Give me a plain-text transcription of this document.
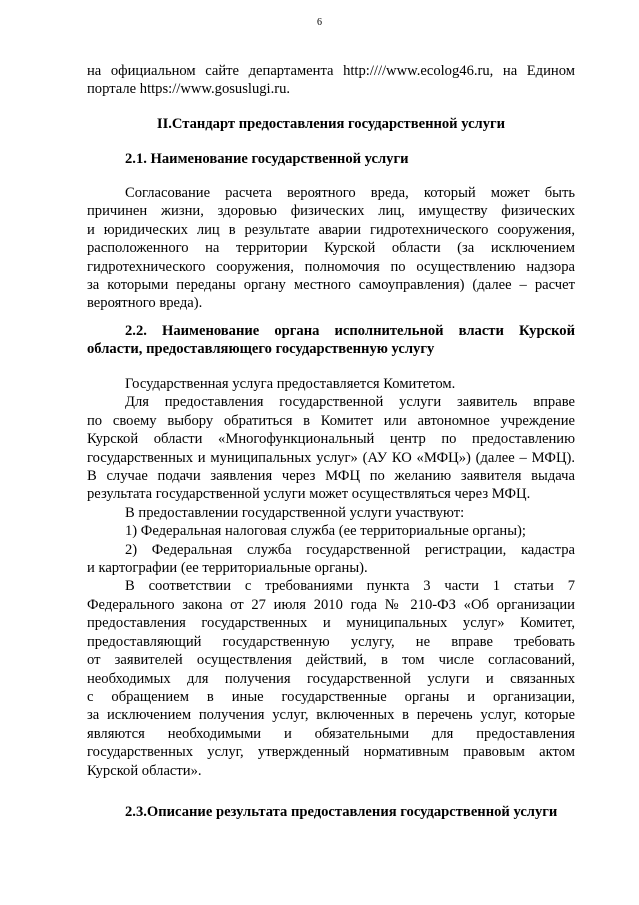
6
на официальном сайте департамента http:////www.ecolog46.ru, на Едином
портале https://www.gosuslugi.ru.
II.Стандарт предоставления государственной услуги
2.1. Наименование государственной услуги
Согласование расчета вероятного вреда, который может быть
причинен жизни, здоровью физических лиц, имуществу физических
и юридических лиц в результате аварии гидротехнического сооружения,
расположенного на территории Курской области (за исключением
гидротехнического сооружения, полномочия по осуществлению надзора
за которыми переданы органу местного самоуправления) (далее – расчет
вероятного вреда).
2.2. Наименование органа исполнительной власти Курской
области, предоставляющего государственную услугу
Государственная услуга предоставляется Комитетом.
Для предоставления государственной услуги заявитель вправе
по своему выбору обратиться в Комитет или автономное учреждение
Курской области «Многофункциональный центр по предоставлению
государственных и муниципальных услуг» (АУ КО «МФЦ») (далее – МФЦ).
В случае подачи заявления через МФЦ по желанию заявителя выдача
результата государственной услуги может осуществляться через МФЦ.
В предоставлении государственной услуги участвуют:
1) Федеральная налоговая служба (ее территориальные органы);
2) Федеральная служба государственной регистрации, кадастра
и картографии (ее территориальные органы).
В соответствии с требованиями пункта 3 части 1 статьи 7
Федерального закона от 27 июля 2010 года № 210-ФЗ «Об организации
предоставления государственных и муниципальных услуг» Комитет,
предоставляющий государственную услугу, не вправе требовать
от заявителей осуществления действий, в том числе согласований,
необходимых для получения государственной услуги и связанных
с обращением в иные государственные органы и организации,
за исключением получения услуг, включенных в перечень услуг, которые
являются необходимыми и обязательными для предоставления
государственных услуг, утвержденный нормативным правовым актом
Курской области».
2.3.Описание результата предоставления государственной услуги
